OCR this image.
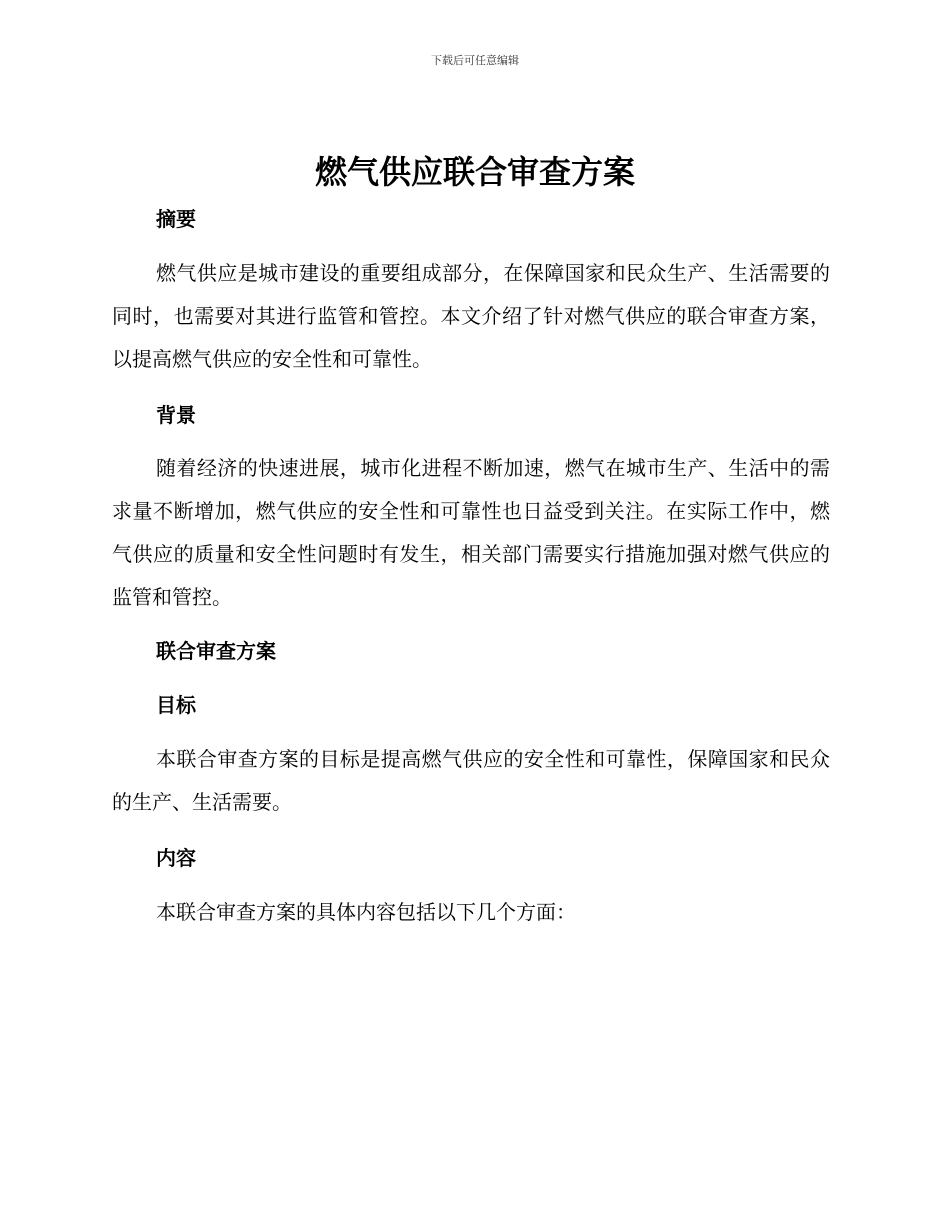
下载后可任意编辑
燃气供应联合审查方案
摘要

燃气供应是城市建设的重要组成部分，在保障国家和民众生产、生活需要的同时，也需要对其进行监管和管控。本文介绍了针对燃气供应的联合审查方案，以提高燃气供应的安全性和可靠性。

背景

随着经济的快速进展，城市化进程不断加速，燃气在城市生产、生活中的需求量不断增加，燃气供应的安全性和可靠性也日益受到关注。在实际工作中，燃气供应的质量和安全性问题时有发生，相关部门需要实行措施加强对燃气供应的监管和管控。

联合审查方案
目标

本联合审查方案的目标是提高燃气供应的安全性和可靠性，保障国家和民众的生产、生活需要。

内容

本联合审查方案的具体内容包括以下几个方面：
